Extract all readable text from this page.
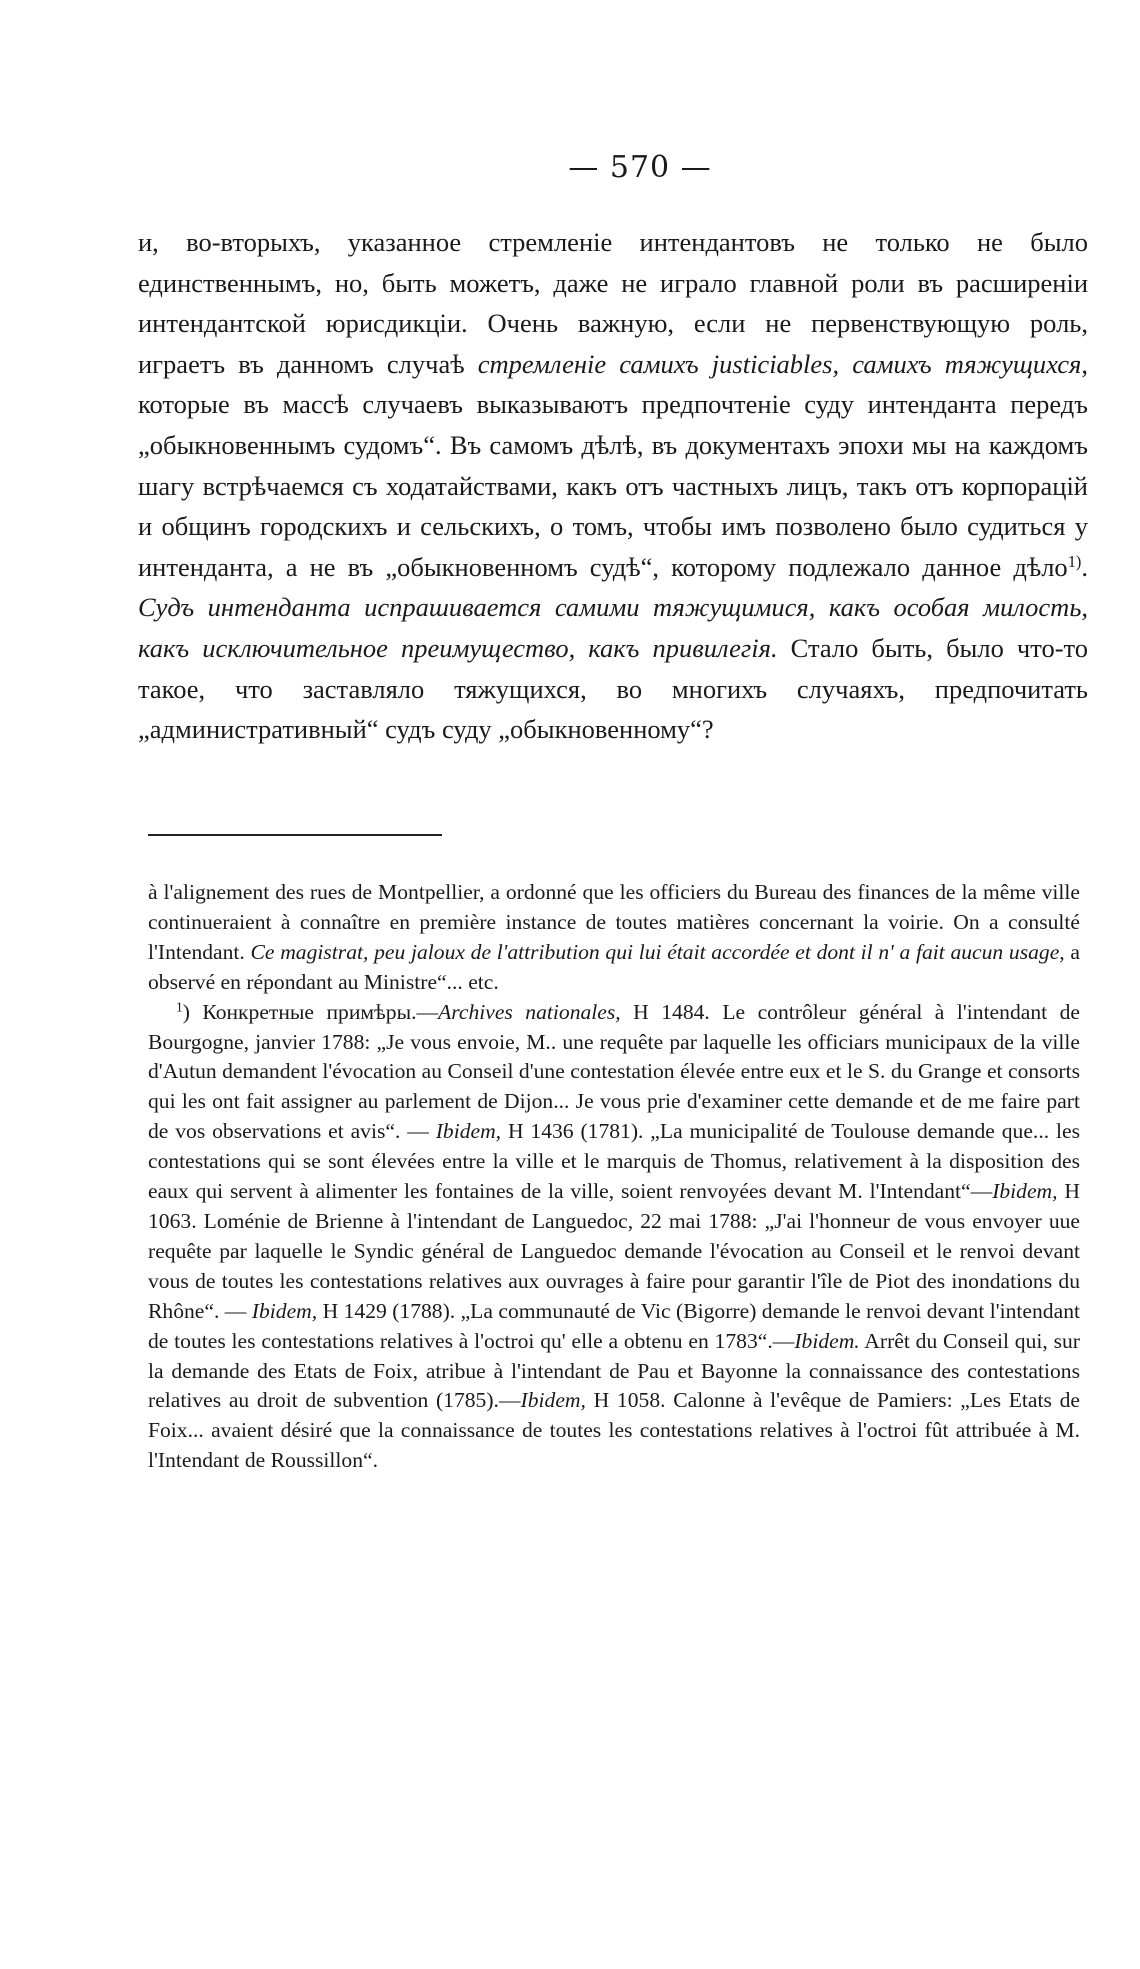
— 570 —
и, во-вторыхъ, указанное стремленіе интендантовъ не только не было единственнымъ, но, быть можетъ, даже не играло главной роли въ расширеніи интендантской юрисдикціи. Очень важную, если не первенствующую роль, играетъ въ данномъ случаѣ стремленіе самихъ justiciables, самихъ тяжущихся, которые въ массѣ случаевъ выказываютъ предпочтеніе суду интенданта передъ „обыкновеннымъ судомъ“. Въ самомъ дѣлѣ, въ документахъ эпохи мы на каждомъ шагу встрѣчаемся съ ходатайствами, какъ отъ частныхъ лицъ, такъ отъ корпорацій и общинъ городскихъ и сельскихъ, о томъ, чтобы имъ позволено было судиться у интенданта, а не въ „обыкновенномъ судѣ“, которому подлежало данное дѣло$^{1)}$. Судъ интенданта испрашивается самими тяжущимися, какъ особая милость, какъ исключительное преимущество, какъ привилегія. Стало быть, было что-то такое, что заставляло тяжущихся, во многихъ случаяхъ, предпочитать „административный“ судъ суду „обыкновенному“?

à l'alignement des rues de Montpellier, a ordonné que les officiers du Bureau des finances de la même ville continueraient à connaître en première instance de toutes matières concernant la voirie. On a consulté l'Intendant. Ce magistrat, peu jaloux de l'attribution qui lui était accordée et dont il n' a fait aucun usage, a observé en répondant au Ministre“... etc.

$^1$) Конкретные примѣры.—Archives nationales, H 1484. Le contrôleur général à l'intendant de Bourgogne, janvier 1788: „Je vous envoie, M.. une requête par laquelle les officiars municipaux de la ville d'Autun demandent l'évocation au Conseil d'une contestation élevée entre eux et le S. du Grange et consorts qui les ont fait assigner au parlement de Dijon... Je vous prie d'examiner cette demande et de me faire part de vos observations et avis“. — Ibidem, H 1436 (1781). „La municipalité de Toulouse demande que... les contestations qui se sont élevées entre la ville et le marquis de Thomus, relativement à la disposition des eaux qui servent à alimenter les fontaines de la ville, soient renvoyées devant M. l'Intendant“—Ibidem, H 1063. Loménie de Brienne à l'intendant de Languedoc, 22 mai 1788: „J'ai l'honneur de vous envoyer uue requête par laquelle le Syndic général de Languedoc demande l'évocation au Conseil et le renvoi devant vous de toutes les contestations relatives aux ouvrages à faire pour garantir l'île de Piot des inondations du Rhône“. — Ibidem, H 1429 (1788). „La communauté de Vic (Bigorre) demande le renvoi devant l'intendant de toutes les contestations relatives à l'octroi qu' elle a obtenu en 1783“.—Ibidem. Arrêt du Conseil qui, sur la demande des Etats de Foix, atribue à l'intendant de Pau et Bayonne la connaissance des contestations relatives au droit de subvention (1785).—Ibidem, H 1058. Calonne à l'evêque de Pamiers: „Les Etats de Foix... avaient désiré que la connaissance de toutes les contestations relatives à l'octroi fût attribuée à M. l'Intendant de Roussillon“.
